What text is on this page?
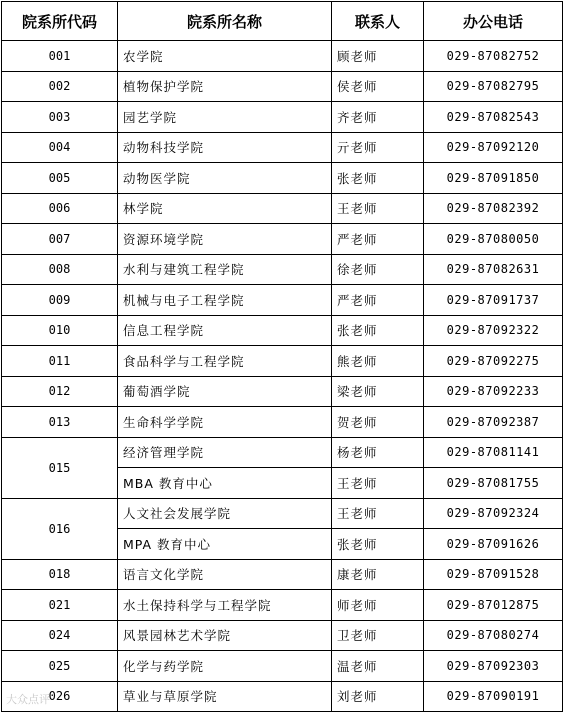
院系所代码	院系所名称	联系人	办公电话
001	农学院	顾老师	029-87082752
002	植物保护学院	侯老师	029-87082795
003	园艺学院	齐老师	029-87082543
004	动物科技学院	亓老师	029-87092120
005	动物医学院	张老师	029-87091850
006	林学院	王老师	029-87082392
007	资源环境学院	严老师	029-87080050
008	水利与建筑工程学院	徐老师	029-87082631
009	机械与电子工程学院	严老师	029-87091737
010	信息工程学院	张老师	029-87092322
011	食品科学与工程学院	熊老师	029-87092275
012	葡萄酒学院	梁老师	029-87092233
013	生命科学学院	贺老师	029-87092387
015	经济管理学院	杨老师	029-87081141
	MBA 教育中心	王老师	029-87081755
016	人文社会发展学院	王老师	029-87092324
	MPA 教育中心	张老师	029-87091626
018	语言文化学院	康老师	029-87091528
021	水土保持科学与工程学院	师老师	029-87012875
024	风景园林艺术学院	卫老师	029-87080274
025	化学与药学院	温老师	029-87092303
026	草业与草原学院	刘老师	029-87090191
大众点评
